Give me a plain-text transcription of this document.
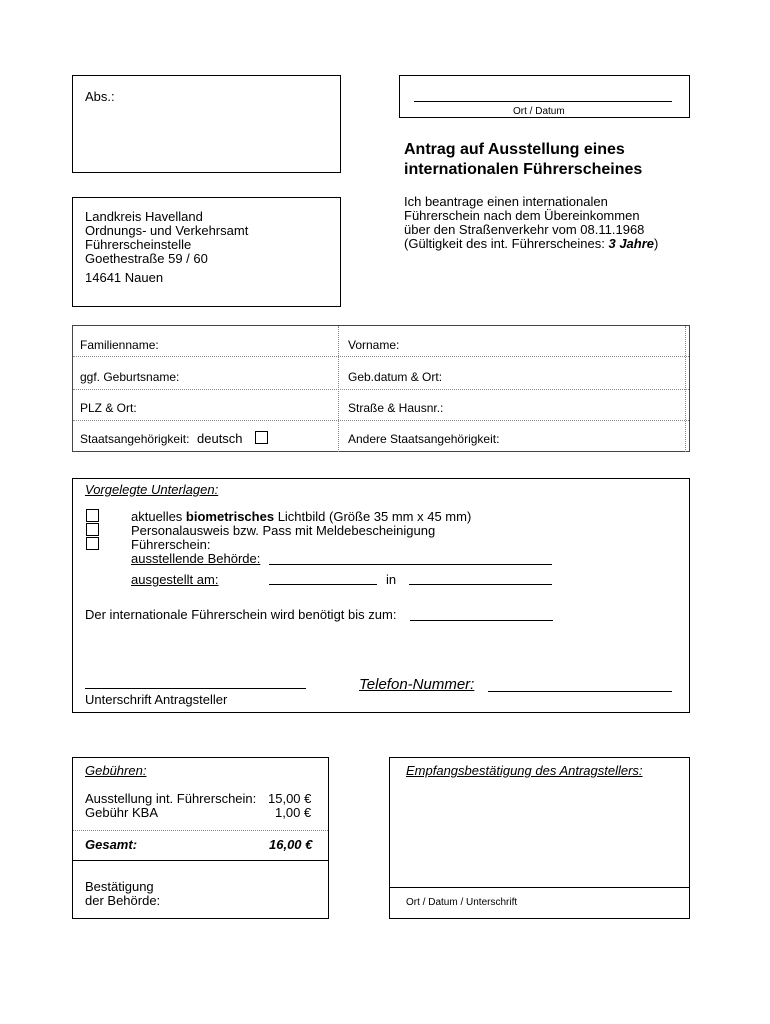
Abs.:
Ort / Datum
Antrag auf Ausstellung eines
internationalen Führerscheines
Ich beantrage einen internationalen
Führerschein nach dem Übereinkommen
über den Straßenverkehr vom 08.11.1968
(Gültigkeit des int. Führerscheines: 3 Jahre)
Landkreis Havelland
Ordnungs- und Verkehrsamt
Führerscheinstelle
Goethestraße 59 / 60
14641 Nauen
Familienname:	Vorname:
ggf. Geburtsname:	Geb.datum & Ort:
PLZ & Ort:	Straße & Hausnr.:
Staatsangehörigkeit: deutsch	Andere Staatsangehörigkeit:
Vorgelegte Unterlagen:
aktuelles biometrisches Lichtbild (Größe 35 mm x 45 mm)
Personalausweis bzw. Pass mit Meldebescheinigung
Führerschein:
ausstellende Behörde:
ausgestellt am:	in
Der internationale Führerschein wird benötigt bis zum:
Telefon-Nummer:
Unterschrift Antragsteller
Gebühren:
Ausstellung int. Führerschein: 15,00 €
Gebühr KBA	1,00 €
Gesamt:	16,00 €
Bestätigung
der Behörde:
Empfangsbestätigung des Antragstellers:
Ort / Datum / Unterschrift
